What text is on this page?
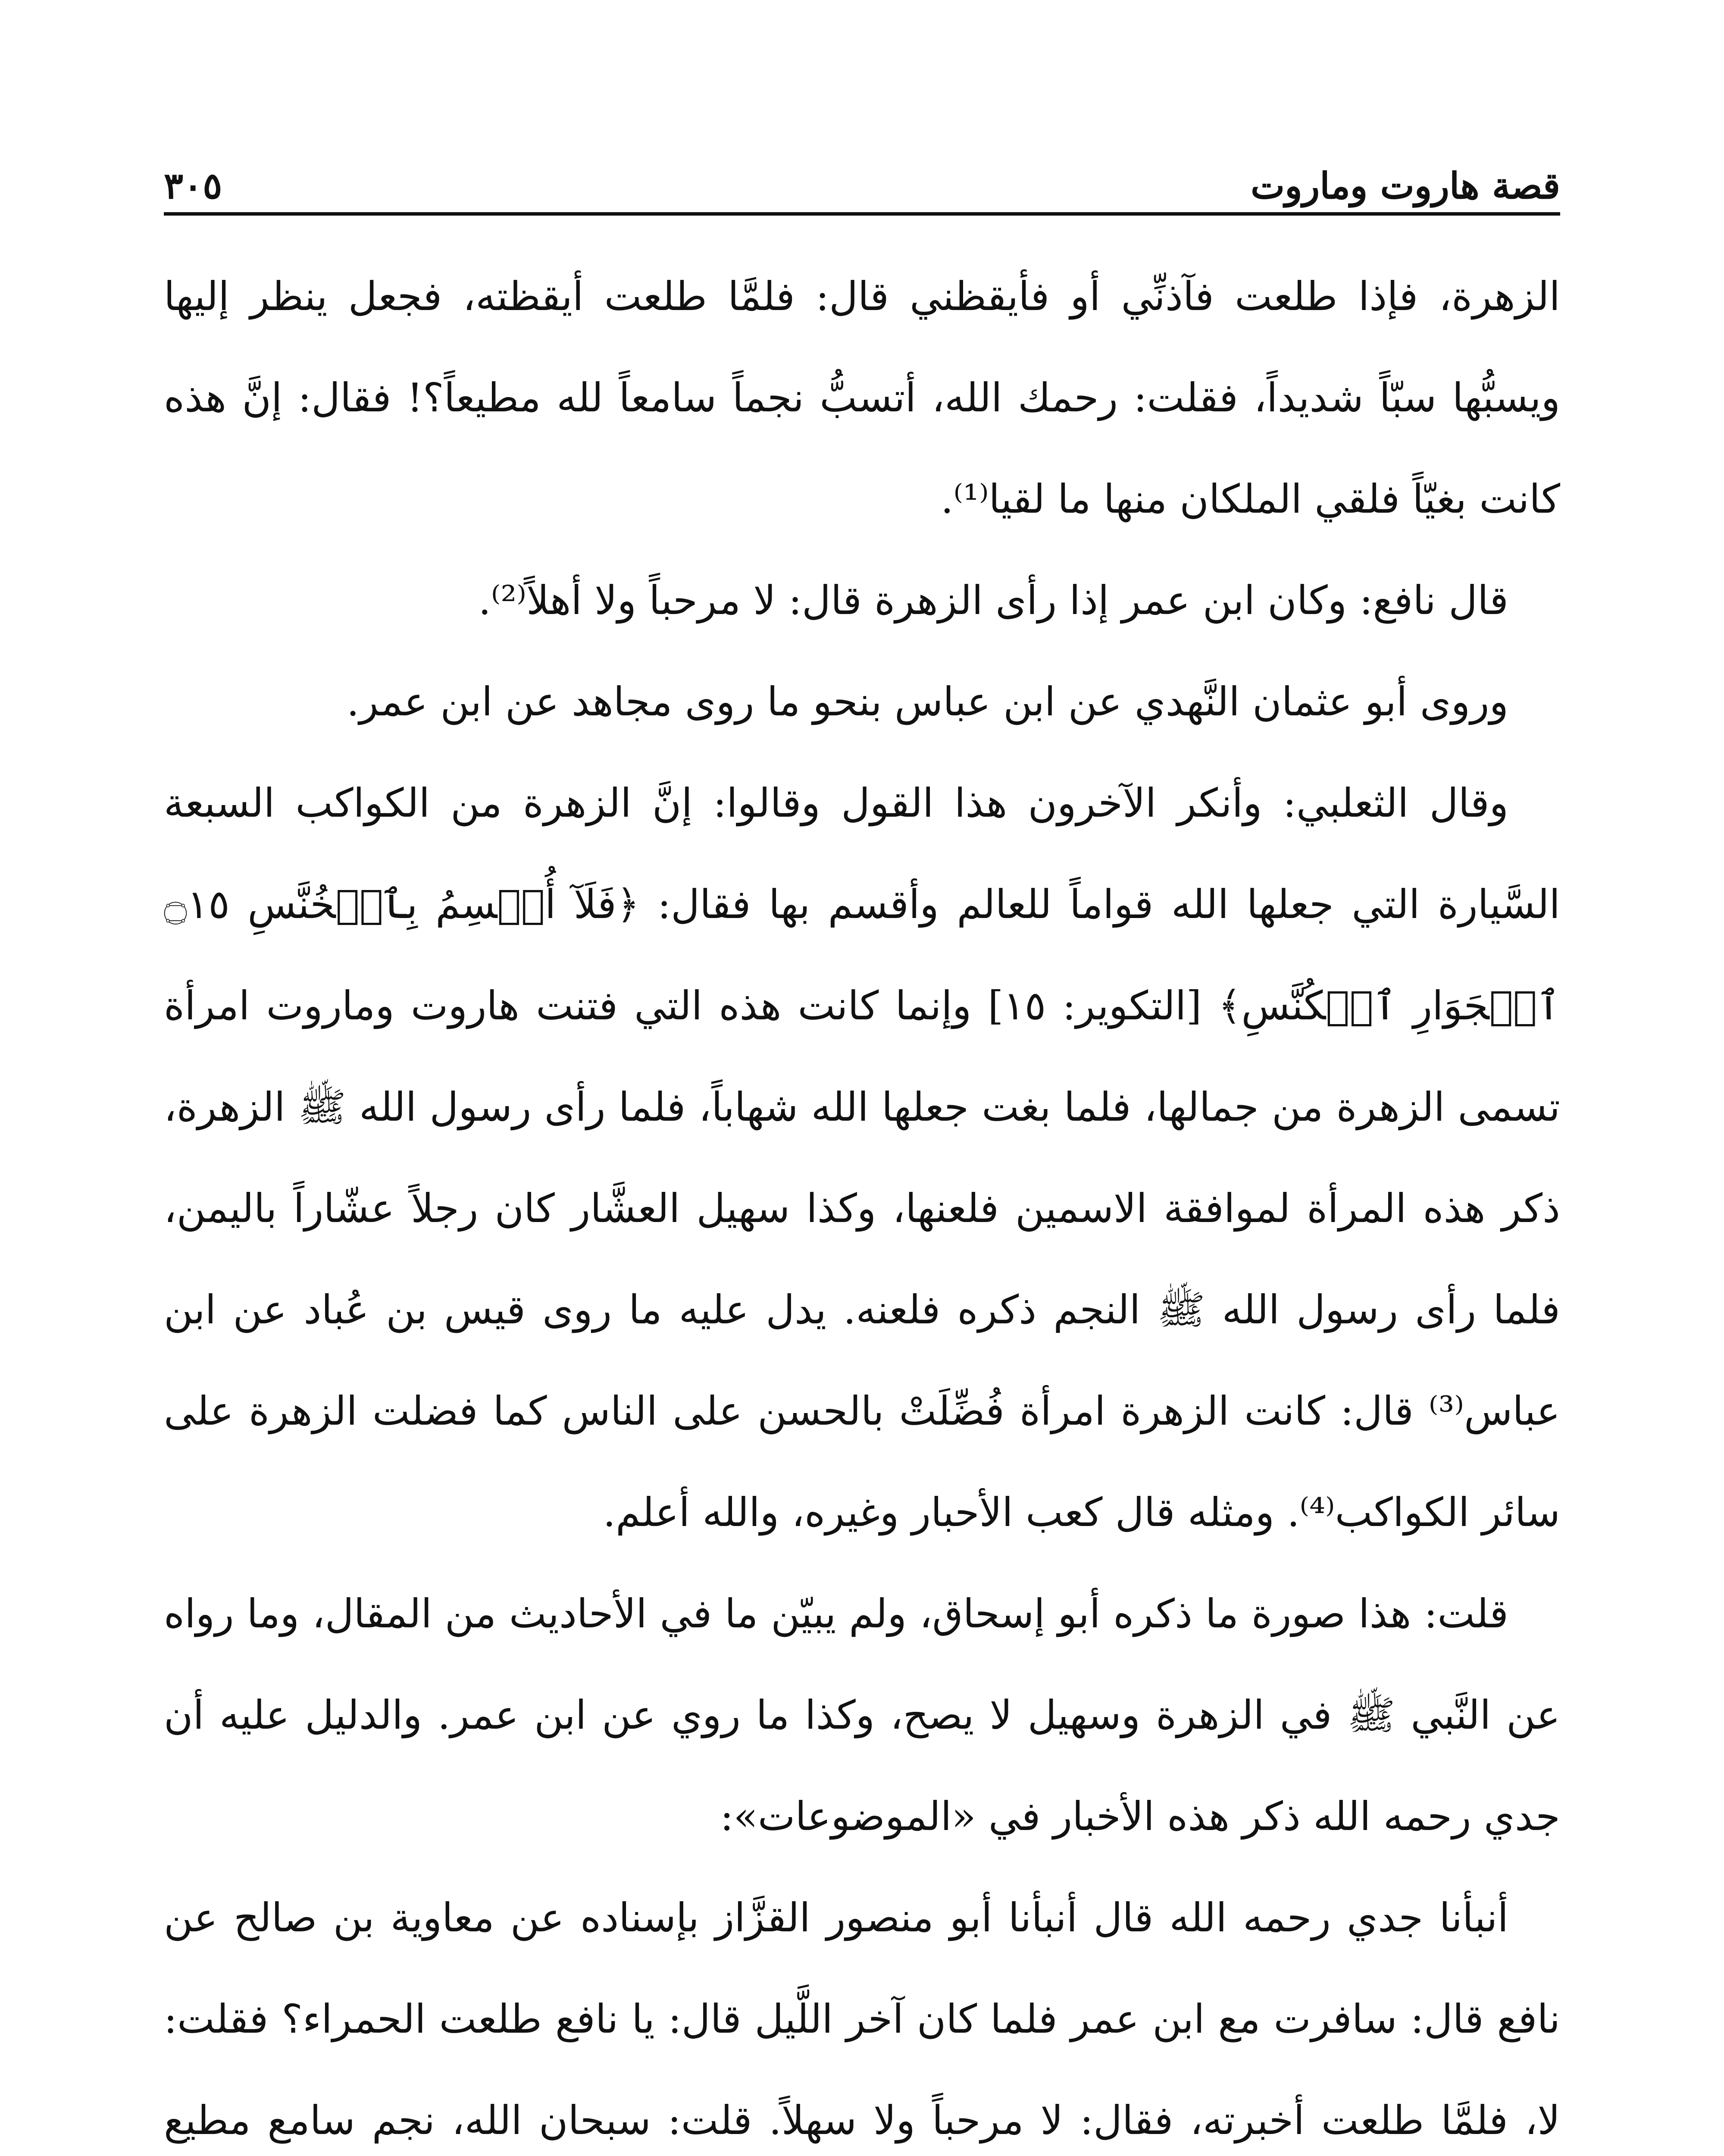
قصة هاروت وماروت
٣٠٥

الزهرة، فإذا طلعت فآذنِّي أو فأيقظني قال: فلمَّا طلعت أيقظته، فجعل ينظر إليها ويسبُّها سبّاً شديداً، فقلت: رحمك الله، أتسبُّ نجماً سامعاً لله مطيعاً؟! فقال: إنَّ هذه كانت بغيّاً فلقي الملكان منها ما لقيا⁽¹⁾.

قال نافع: وكان ابن عمر إذا رأى الزهرة قال: لا مرحباً ولا أهلاً⁽²⁾.

وروى أبو عثمان النَّهدي عن ابن عباس بنحو ما روى مجاهد عن ابن عمر.

وقال الثعلبي: وأنكر الآخرون هذا القول وقالوا: إنَّ الزهرة من الكواكب السبعة السَّيارة التي جعلها الله قواماً للعالم وأقسم بها فقال: ﴿فَلَآ أُقۡسِمُ بِٱلۡخُنَّسِ ۝١٥ ٱلۡجَوَارِ ٱلۡكُنَّسِ﴾ [التكوير: ١٥] وإنما كانت هذه التي فتنت هاروت وماروت امرأة تسمى الزهرة من جمالها، فلما بغت جعلها الله شهاباً، فلما رأى رسول الله ﷺ الزهرة، ذكر هذه المرأة لموافقة الاسمين فلعنها، وكذا سهيل العشَّار كان رجلاً عشّاراً باليمن، فلما رأى رسول الله ﷺ النجم ذكره فلعنه. يدل عليه ما روى قيس بن عُباد عن ابن عباس⁽³⁾ قال: كانت الزهرة امرأة فُضِّلَتْ بالحسن على الناس كما فضلت الزهرة على سائر الكواكب⁽⁴⁾. ومثله قال كعب الأحبار وغيره، والله أعلم.

قلت: هذا صورة ما ذكره أبو إسحاق، ولم يبيّن ما في الأحاديث من المقال، وما رواه عن النَّبي ﷺ في الزهرة وسهيل لا يصح، وكذا ما روي عن ابن عمر. والدليل عليه أن جدي رحمه الله ذكر هذه الأخبار في «الموضوعات»:

أنبأنا جدي رحمه الله قال أنبأنا أبو منصور القزَّاز بإسناده عن معاوية بن صالح عن نافع قال: سافرت مع ابن عمر فلما كان آخر اللَّيل قال: يا نافع طلعت الحمراء؟ فقلت: لا، فلمَّا طلعت أخبرته، فقال: لا مرحباً ولا سهلاً. قلت: سبحان الله، نجم سامع مطيع
